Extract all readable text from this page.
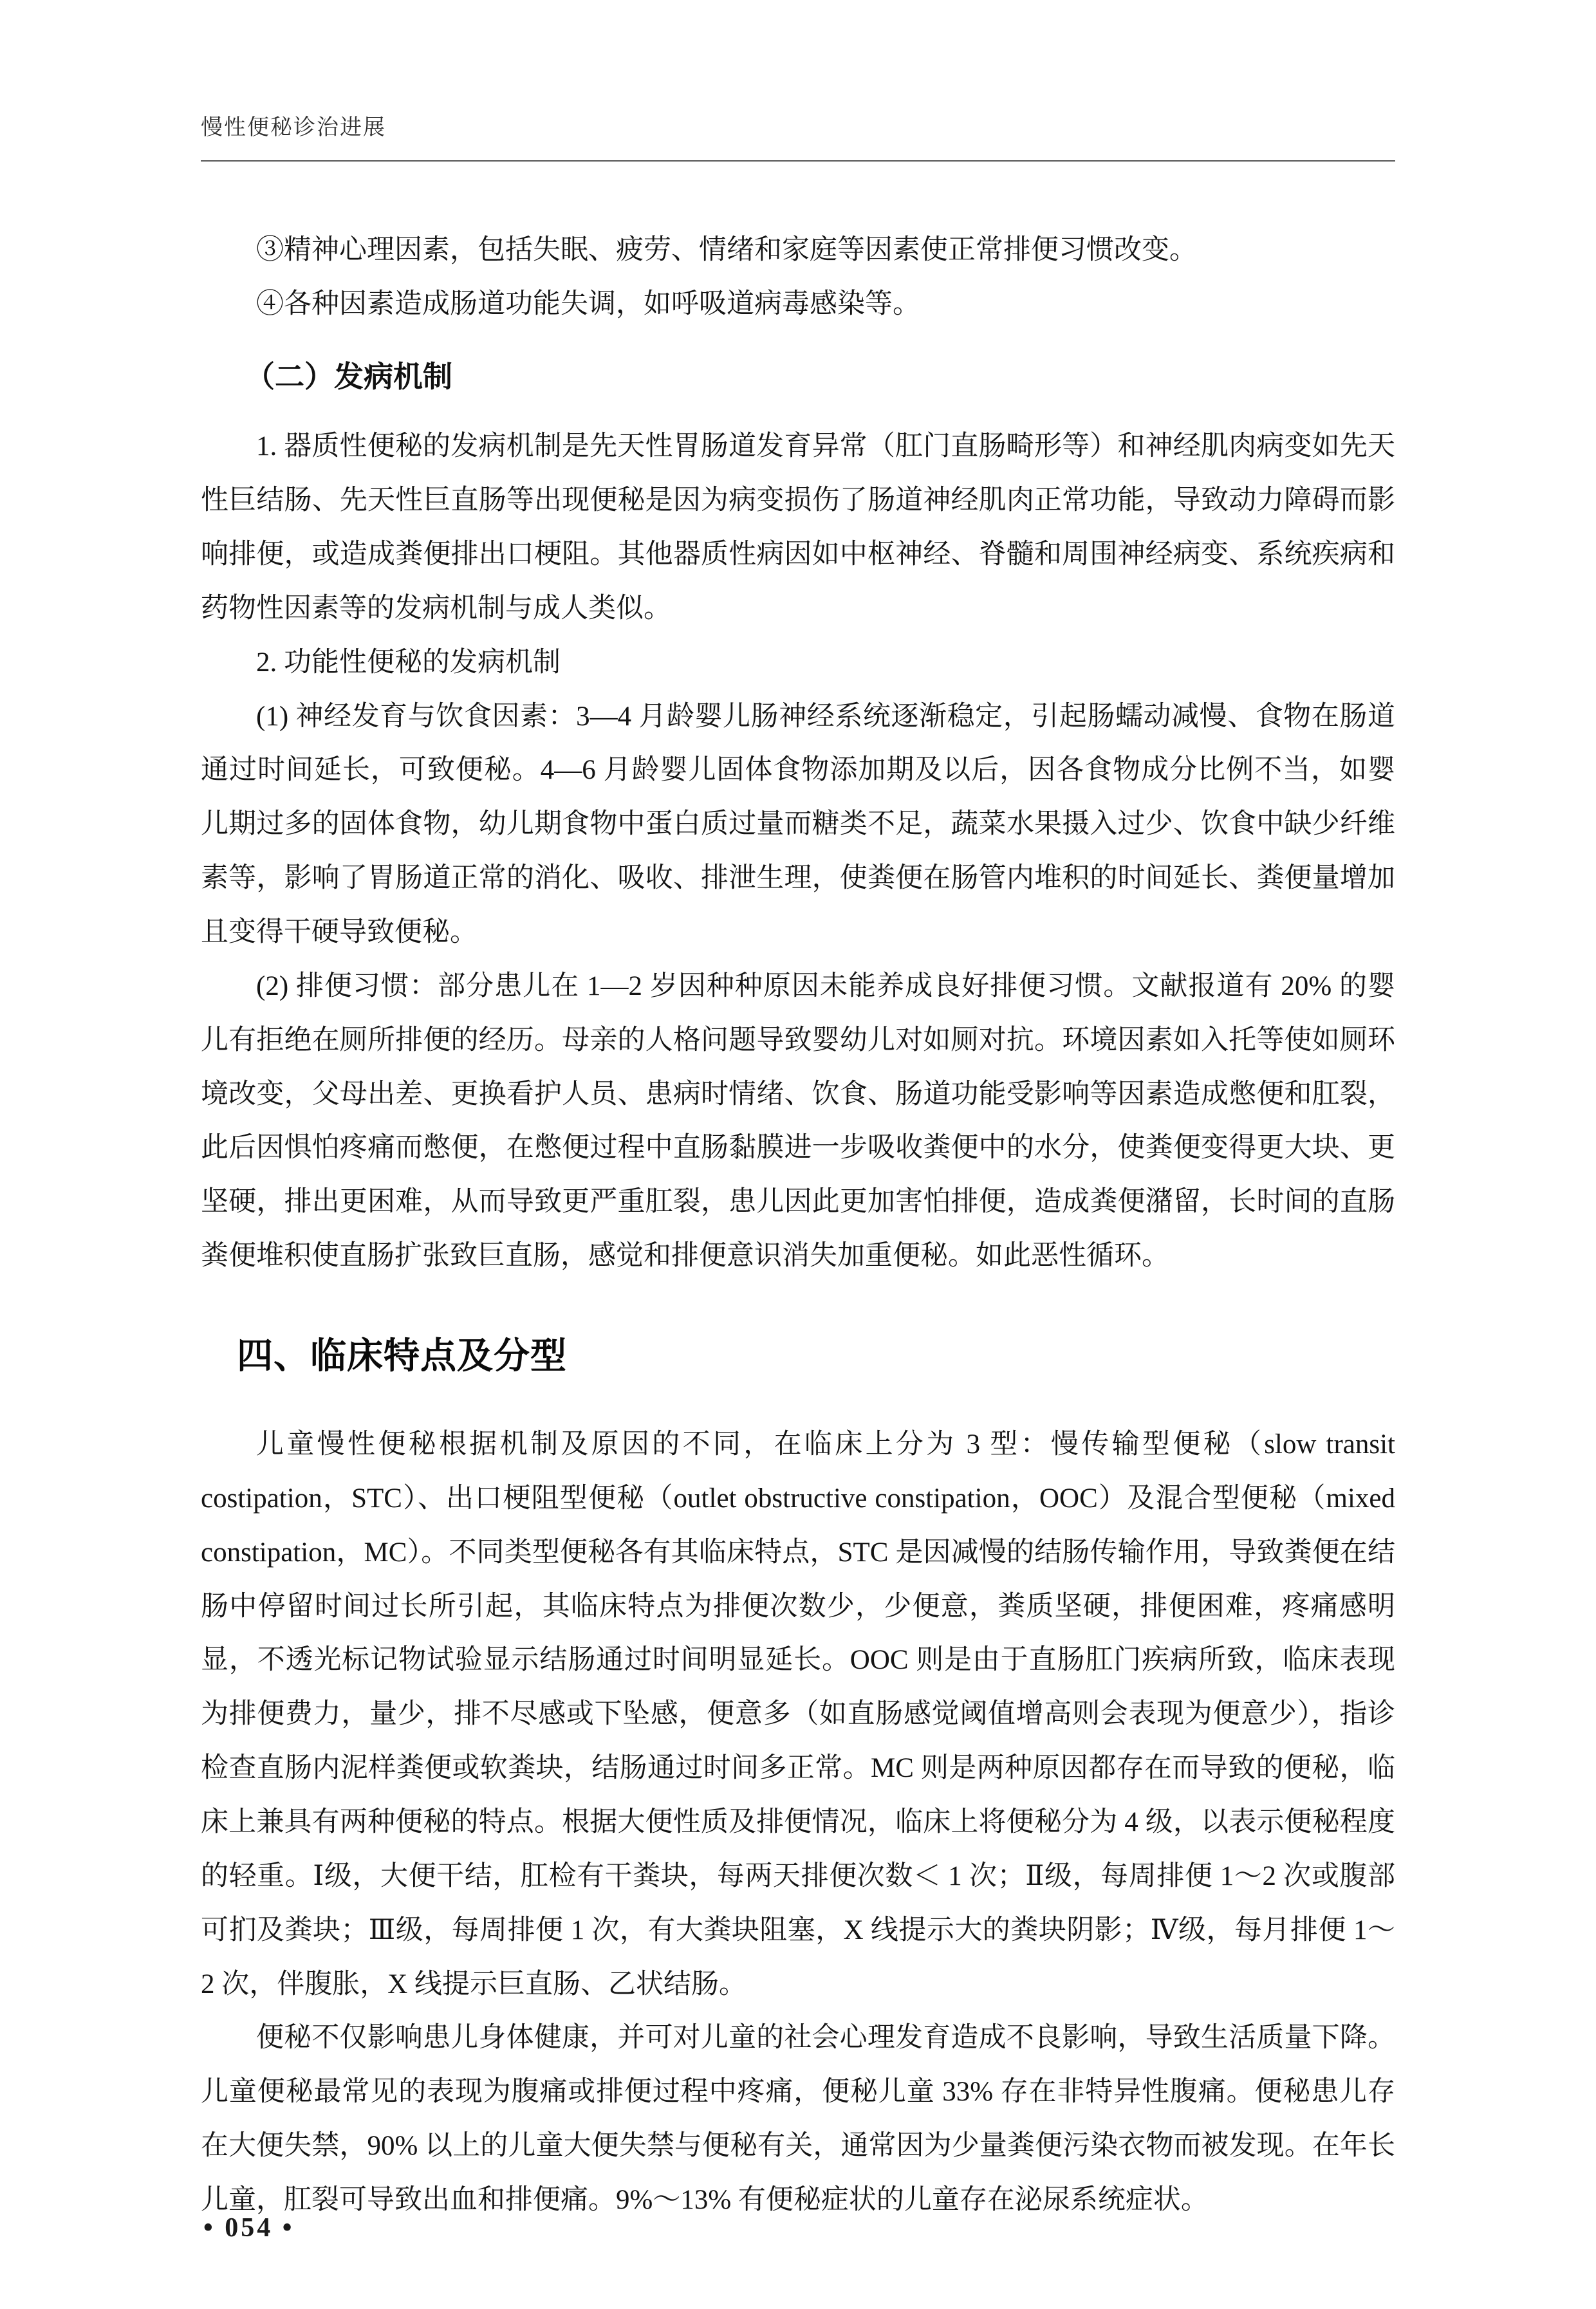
慢性便秘诊治进展

③精神心理因素，包括失眠、疲劳、情绪和家庭等因素使正常排便习惯改变。

④各种因素造成肠道功能失调，如呼吸道病毒感染等。

（二）发病机制

1. 器质性便秘的发病机制是先天性胃肠道发育异常（肛门直肠畸形等）和神经肌肉病变如先天性巨结肠、先天性巨直肠等出现便秘是因为病变损伤了肠道神经肌肉正常功能，导致动力障碍而影响排便，或造成粪便排出口梗阻。其他器质性病因如中枢神经、脊髓和周围神经病变、系统疾病和药物性因素等的发病机制与成人类似。

2. 功能性便秘的发病机制

(1) 神经发育与饮食因素：3—4 月龄婴儿肠神经系统逐渐稳定，引起肠蠕动减慢、食物在肠道通过时间延长，可致便秘。4—6 月龄婴儿固体食物添加期及以后，因各食物成分比例不当，如婴儿期过多的固体食物，幼儿期食物中蛋白质过量而糖类不足，蔬菜水果摄入过少、饮食中缺少纤维素等，影响了胃肠道正常的消化、吸收、排泄生理，使粪便在肠管内堆积的时间延长、粪便量增加且变得干硬导致便秘。

(2) 排便习惯：部分患儿在 1—2 岁因种种原因未能养成良好排便习惯。文献报道有 20% 的婴儿有拒绝在厕所排便的经历。母亲的人格问题导致婴幼儿对如厕对抗。环境因素如入托等使如厕环境改变，父母出差、更换看护人员、患病时情绪、饮食、肠道功能受影响等因素造成憋便和肛裂，此后因惧怕疼痛而憋便，在憋便过程中直肠黏膜进一步吸收粪便中的水分，使粪便变得更大块、更坚硬，排出更困难，从而导致更严重肛裂，患儿因此更加害怕排便，造成粪便潴留，长时间的直肠粪便堆积使直肠扩张致巨直肠，感觉和排便意识消失加重便秘。如此恶性循环。

四、临床特点及分型

儿童慢性便秘根据机制及原因的不同，在临床上分为 3 型：慢传输型便秘（slow transit costipation，STC）、出口梗阻型便秘（outlet obstructive constipation，OOC）及混合型便秘（mixed constipation，MC）。不同类型便秘各有其临床特点，STC 是因减慢的结肠传输作用，导致粪便在结肠中停留时间过长所引起，其临床特点为排便次数少，少便意，粪质坚硬，排便困难，疼痛感明显，不透光标记物试验显示结肠通过时间明显延长。OOC 则是由于直肠肛门疾病所致，临床表现为排便费力，量少，排不尽感或下坠感，便意多（如直肠感觉阈值增高则会表现为便意少），指诊检查直肠内泥样粪便或软粪块，结肠通过时间多正常。MC 则是两种原因都存在而导致的便秘，临床上兼具有两种便秘的特点。根据大便性质及排便情况，临床上将便秘分为 4 级，以表示便秘程度的轻重。Ⅰ级，大便干结，肛检有干粪块，每两天排便次数＜ 1 次；Ⅱ级，每周排便 1～2 次或腹部可扪及粪块；Ⅲ级，每周排便 1 次，有大粪块阻塞，X 线提示大的粪块阴影；Ⅳ级，每月排便 1～2 次，伴腹胀，X 线提示巨直肠、乙状结肠。

便秘不仅影响患儿身体健康，并可对儿童的社会心理发育造成不良影响，导致生活质量下降。儿童便秘最常见的表现为腹痛或排便过程中疼痛，便秘儿童 33% 存在非特异性腹痛。便秘患儿存在大便失禁，90% 以上的儿童大便失禁与便秘有关，通常因为少量粪便污染衣物而被发现。在年长儿童，肛裂可导致出血和排便痛。9%～13% 有便秘症状的儿童存在泌尿系统症状。

• 054 •
